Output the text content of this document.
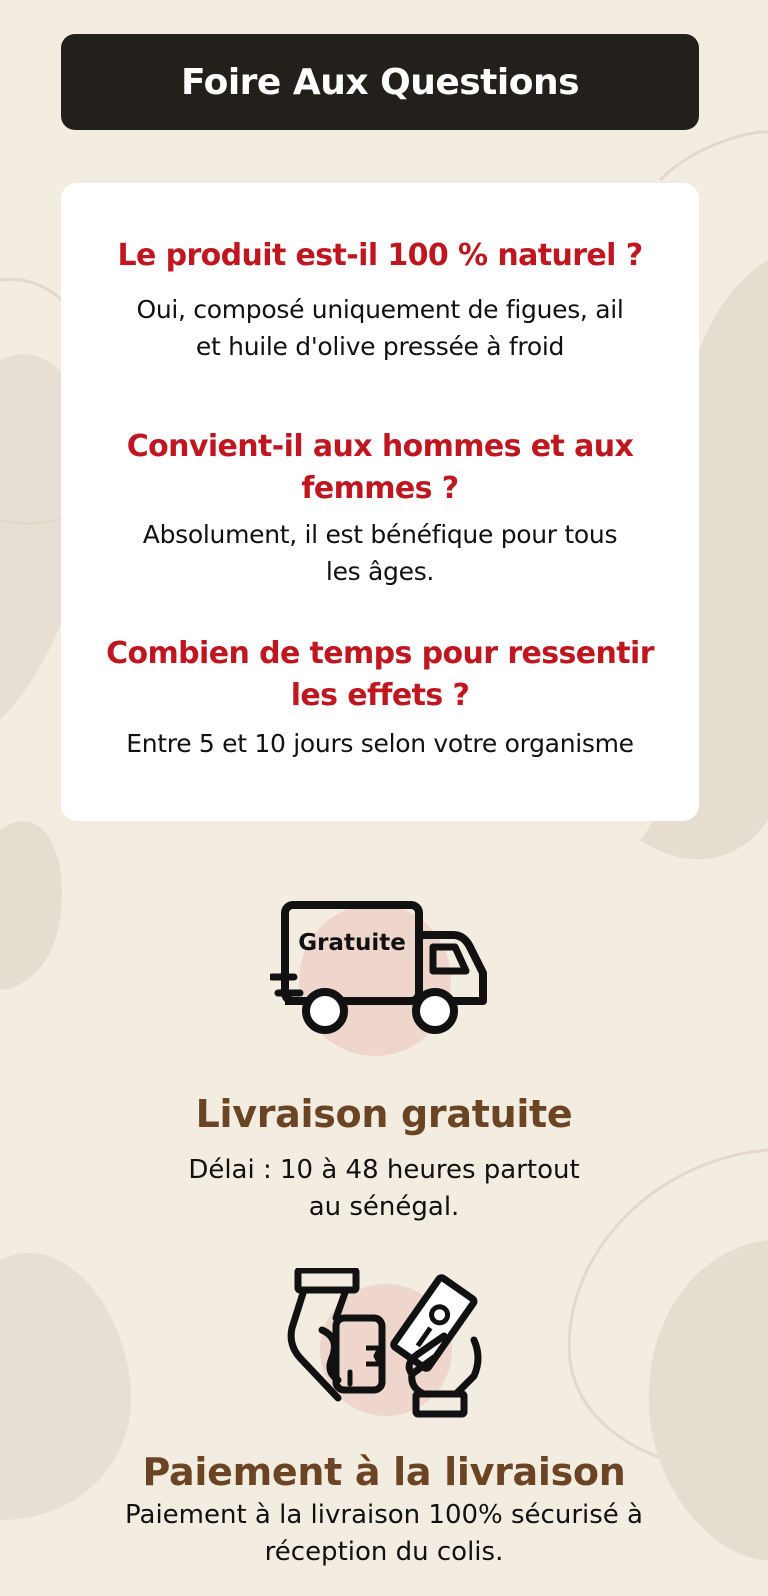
Foire Aux Questions

Le produit est-il 100 % naturel ?

Oui, composé uniquement de figues, ail
et huile d'olive pressée à froid

Convient-il aux hommes et aux
femmes ?

Absolument, il est bénéfique pour tous
les âges.

Combien de temps pour ressentir
les effets ?

Entre 5 et 10 jours selon votre organisme

Gratuite
Livraison gratuite

Délai : 10 à 48 heures partout
au sénégal.

Paiement à la livraison

Paiement à la livraison 100% sécurisé à
réception du colis.
